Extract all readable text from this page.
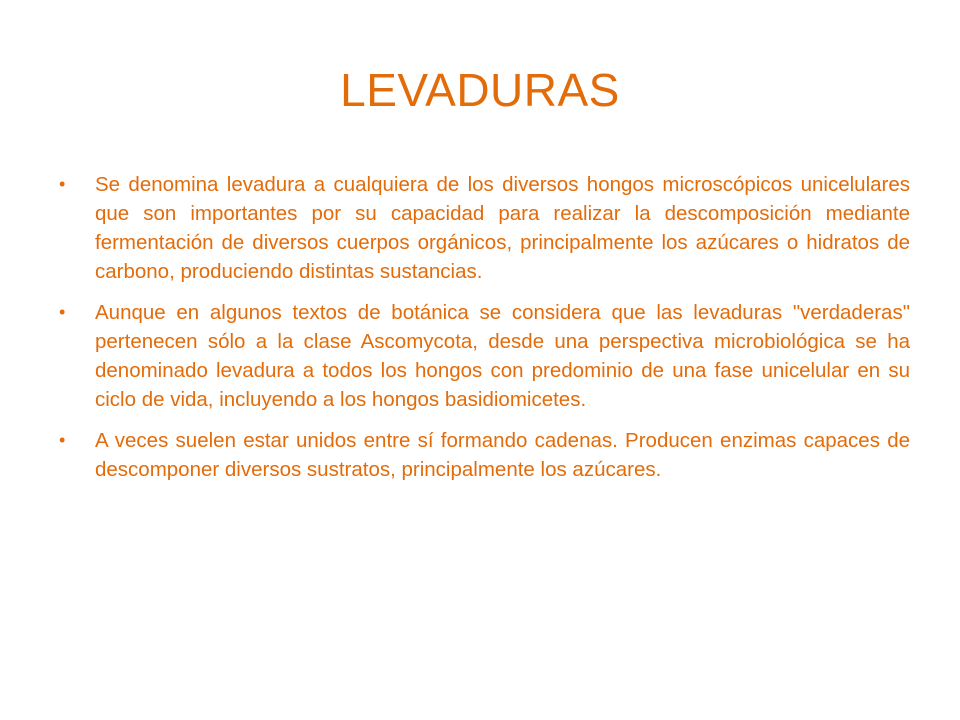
LEVADURAS
• Se denomina levadura a cualquiera de los diversos hongos microscópicos unicelulares que son importantes por su capacidad para realizar la descomposición mediante fermentación de diversos cuerpos orgánicos, principalmente los azúcares o hidratos de carbono, produciendo distintas sustancias.
• Aunque en algunos textos de botánica se considera que las levaduras "verdaderas" pertenecen sólo a la clase Ascomycota, desde una perspectiva microbiológica se ha denominado levadura a todos los hongos con predominio de una fase unicelular en su ciclo de vida, incluyendo a los hongos basidiomicetes.
• A veces suelen estar unidos entre sí formando cadenas. Producen enzimas capaces de descomponer diversos sustratos, principalmente los azúcares.
